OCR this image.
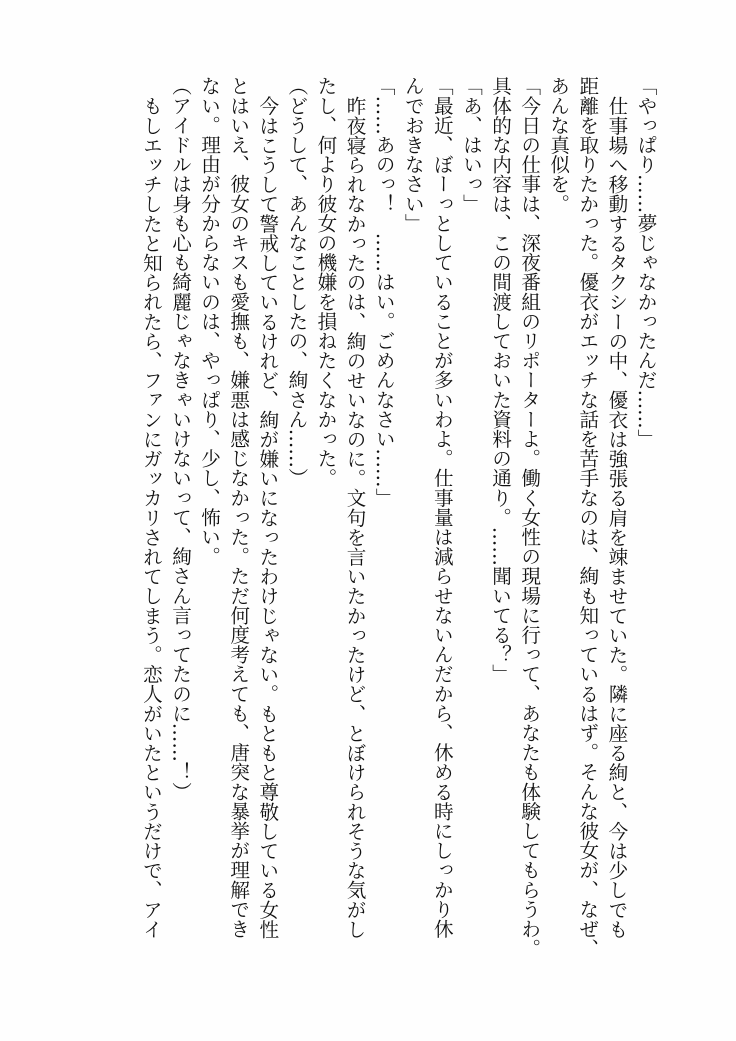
「やっぱり……夢じゃなかったんだ……」

仕事場へ移動するタクシーの中、優衣は強張る肩を竦ませていた。隣に座る絢と、今は少しでも

距離を取りたかった。優衣がエッチな話を苦手なのは、絢も知っているはず。そんな彼女が、なぜ、

あんな真似を。

「今日の仕事は、深夜番組のリポーターよ。働く女性の現場に行って、あなたも体験してもらうわ。

具体的な内容は、この間渡しておいた資料の通り。……聞いてる？」

「あ、はいっ」

「最近、ぼーっとしていることが多いわよ。仕事量は減らせないんだから、休める時にしっかり休

んでおきなさい」

「……あのっ！　……はい。ごめんなさい……」

昨夜寝られなかったのは、絢のせいなのに。文句を言いたかったけど、とぼけられそうな気がし

たし、何より彼女の機嫌を損ねたくなかった。

（どうして、あんなことしたの、絢さん……）

今はこうして警戒しているけれど、絢が嫌いになったわけじゃない。もともと尊敬している女性

とはいえ、彼女のキスも愛撫も、嫌悪は感じなかった。ただ何度考えても、唐突な暴挙が理解でき

ない。理由が分からないのは、やっぱり、少し、怖い。

（アイドルは身も心も綺麗じゃなきゃいけないって、絢さん言ってたのに……！）

もしエッチしたと知られたら、ファンにガッカリされてしまう。恋人がいたというだけで、アイ
